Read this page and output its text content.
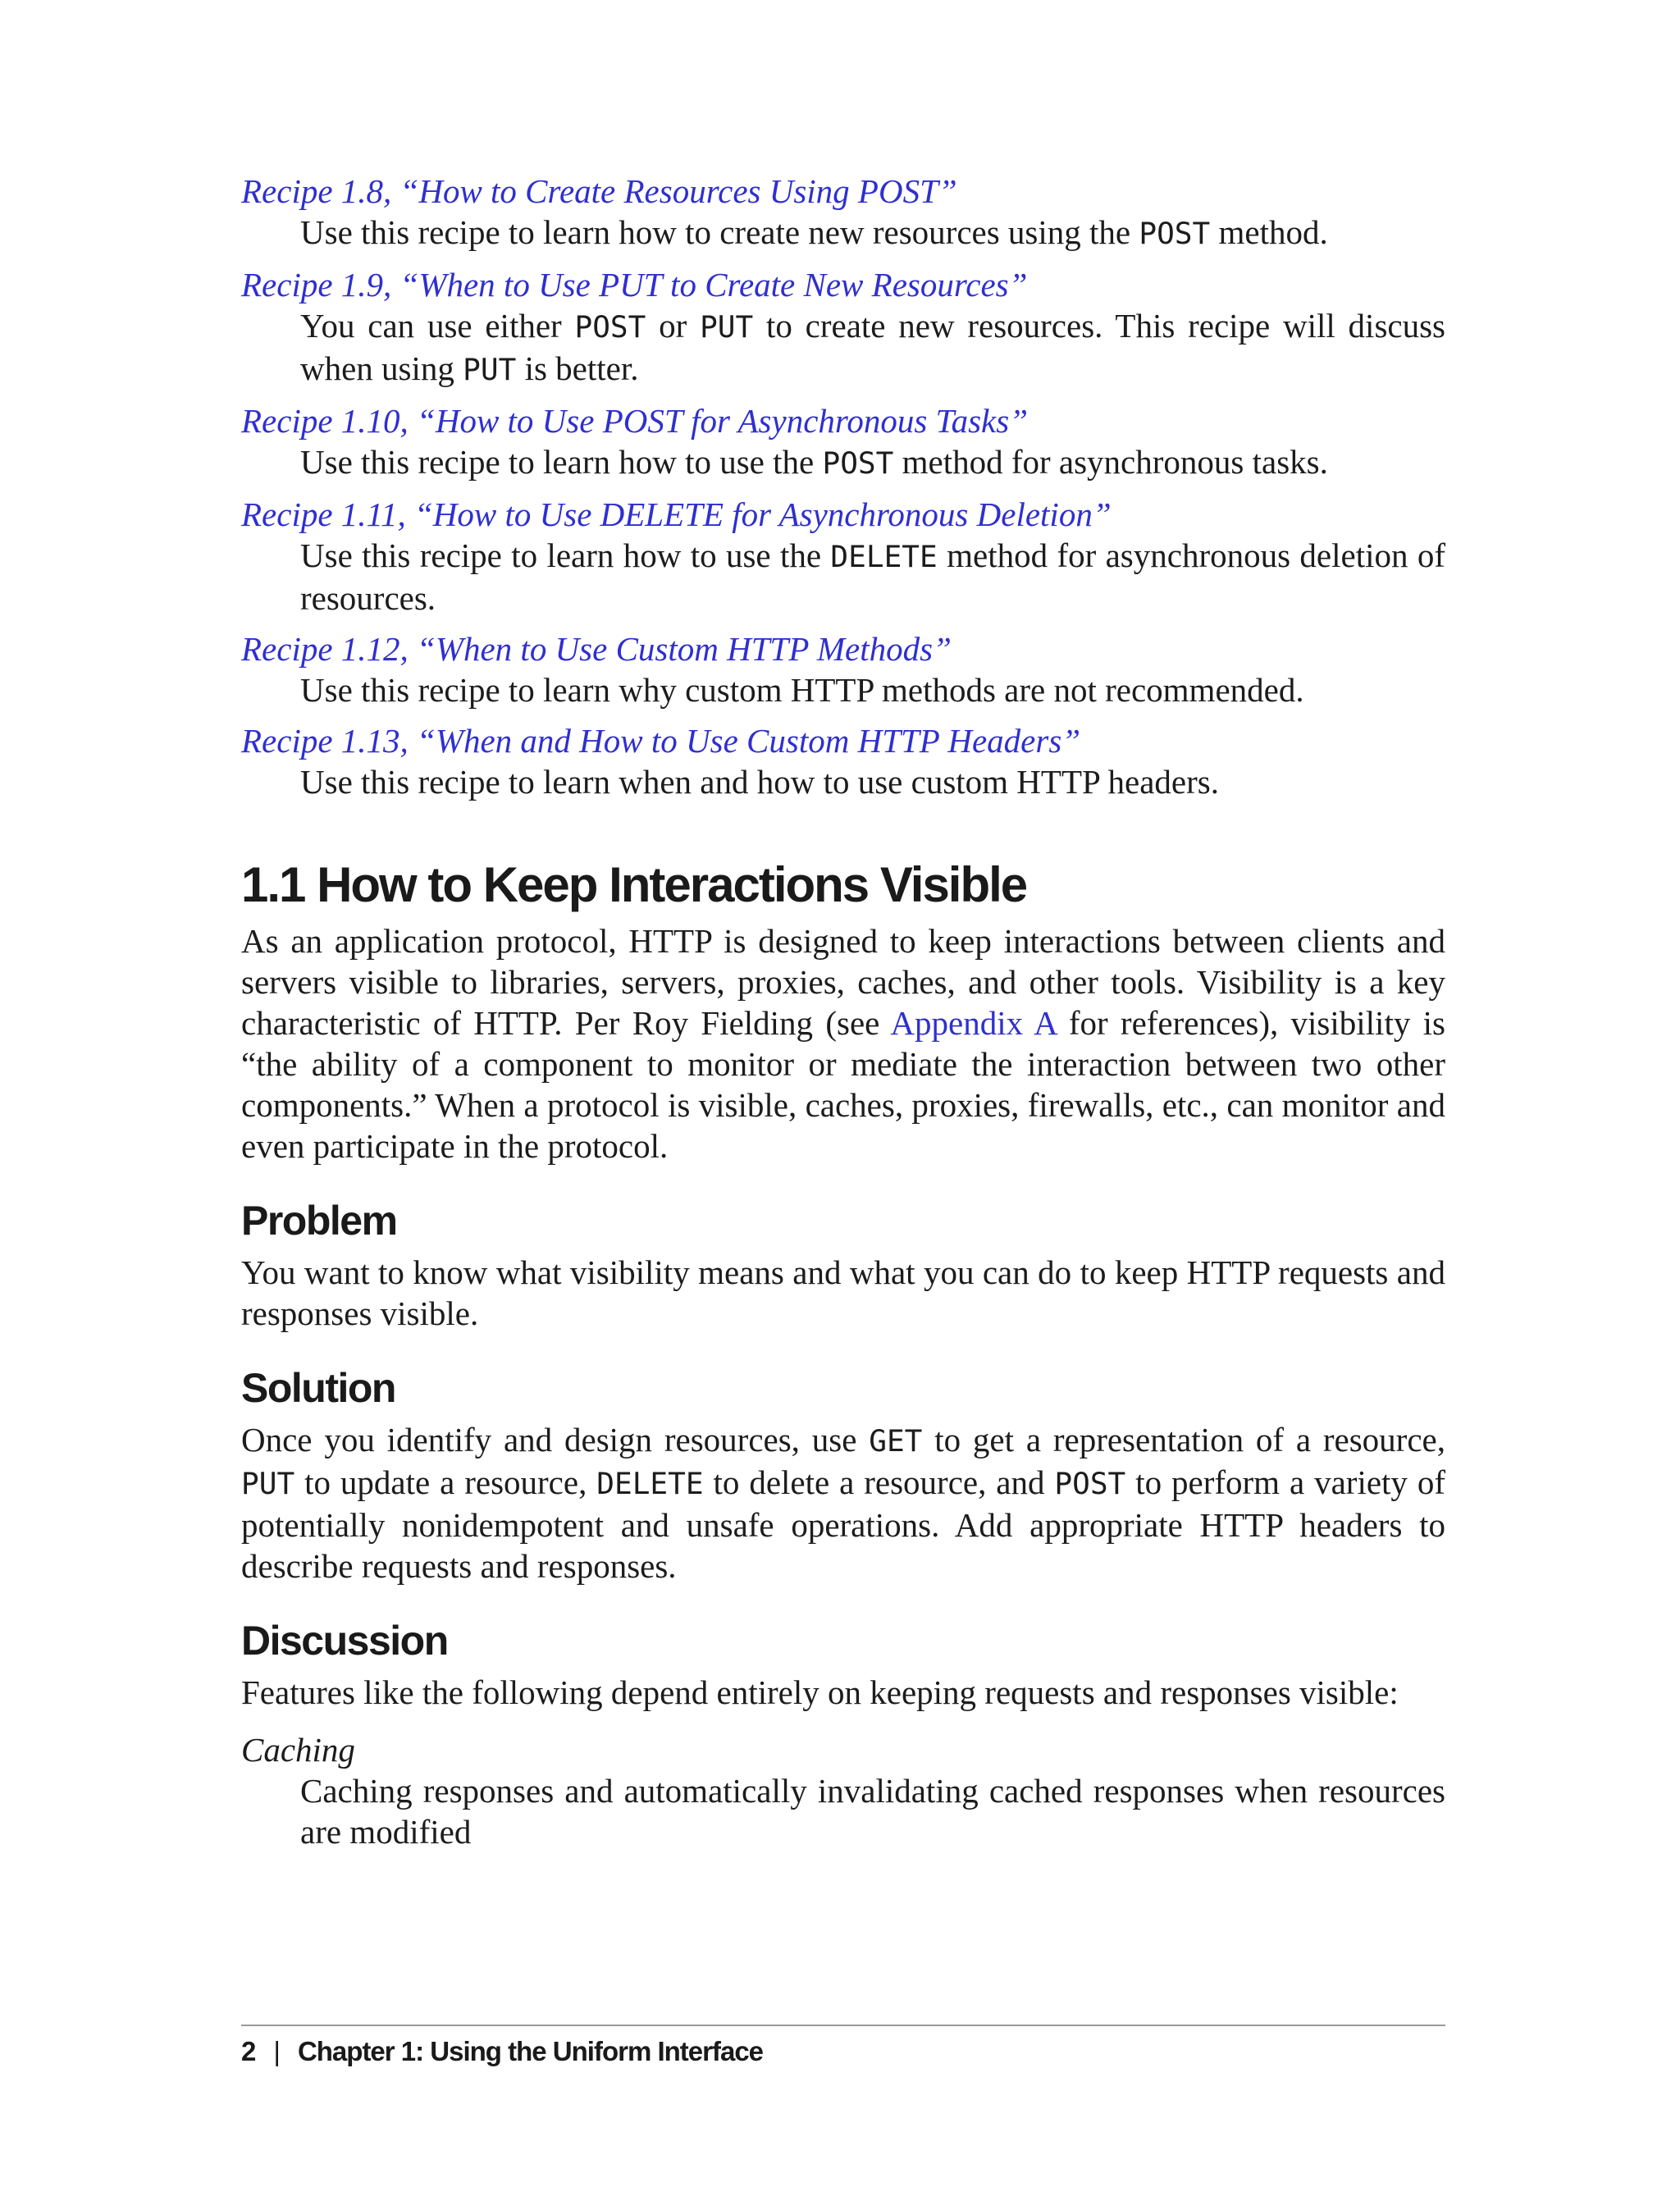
Recipe 1.8, “How to Create Resources Using POST”
Use this recipe to learn how to create new resources using the POST method.
Recipe 1.9, “When to Use PUT to Create New Resources”
You can use either POST or PUT to create new resources. This recipe will discuss when using PUT is better.
Recipe 1.10, “How to Use POST for Asynchronous Tasks”
Use this recipe to learn how to use the POST method for asynchronous tasks.
Recipe 1.11, “How to Use DELETE for Asynchronous Deletion”
Use this recipe to learn how to use the DELETE method for asynchronous deletion of resources.
Recipe 1.12, “When to Use Custom HTTP Methods”
Use this recipe to learn why custom HTTP methods are not recommended.
Recipe 1.13, “When and How to Use Custom HTTP Headers”
Use this recipe to learn when and how to use custom HTTP headers.
1.1 How to Keep Interactions Visible
As an application protocol, HTTP is designed to keep interactions between clients and servers visible to libraries, servers, proxies, caches, and other tools. Visibility is a key characteristic of HTTP. Per Roy Fielding (see Appendix A for references), visibility is “the ability of a component to monitor or mediate the interaction between two other components.” When a protocol is visible, caches, proxies, firewalls, etc., can monitor and even participate in the protocol.
Problem
You want to know what visibility means and what you can do to keep HTTP requests and responses visible.
Solution
Once you identify and design resources, use GET to get a representation of a resource, PUT to update a resource, DELETE to delete a resource, and POST to perform a variety of potentially nonidempotent and unsafe operations. Add appropriate HTTP headers to describe requests and responses.
Discussion
Features like the following depend entirely on keeping requests and responses visible:
Caching
Caching responses and automatically invalidating cached responses when resources are modified
2 | Chapter 1: Using the Uniform Interface
